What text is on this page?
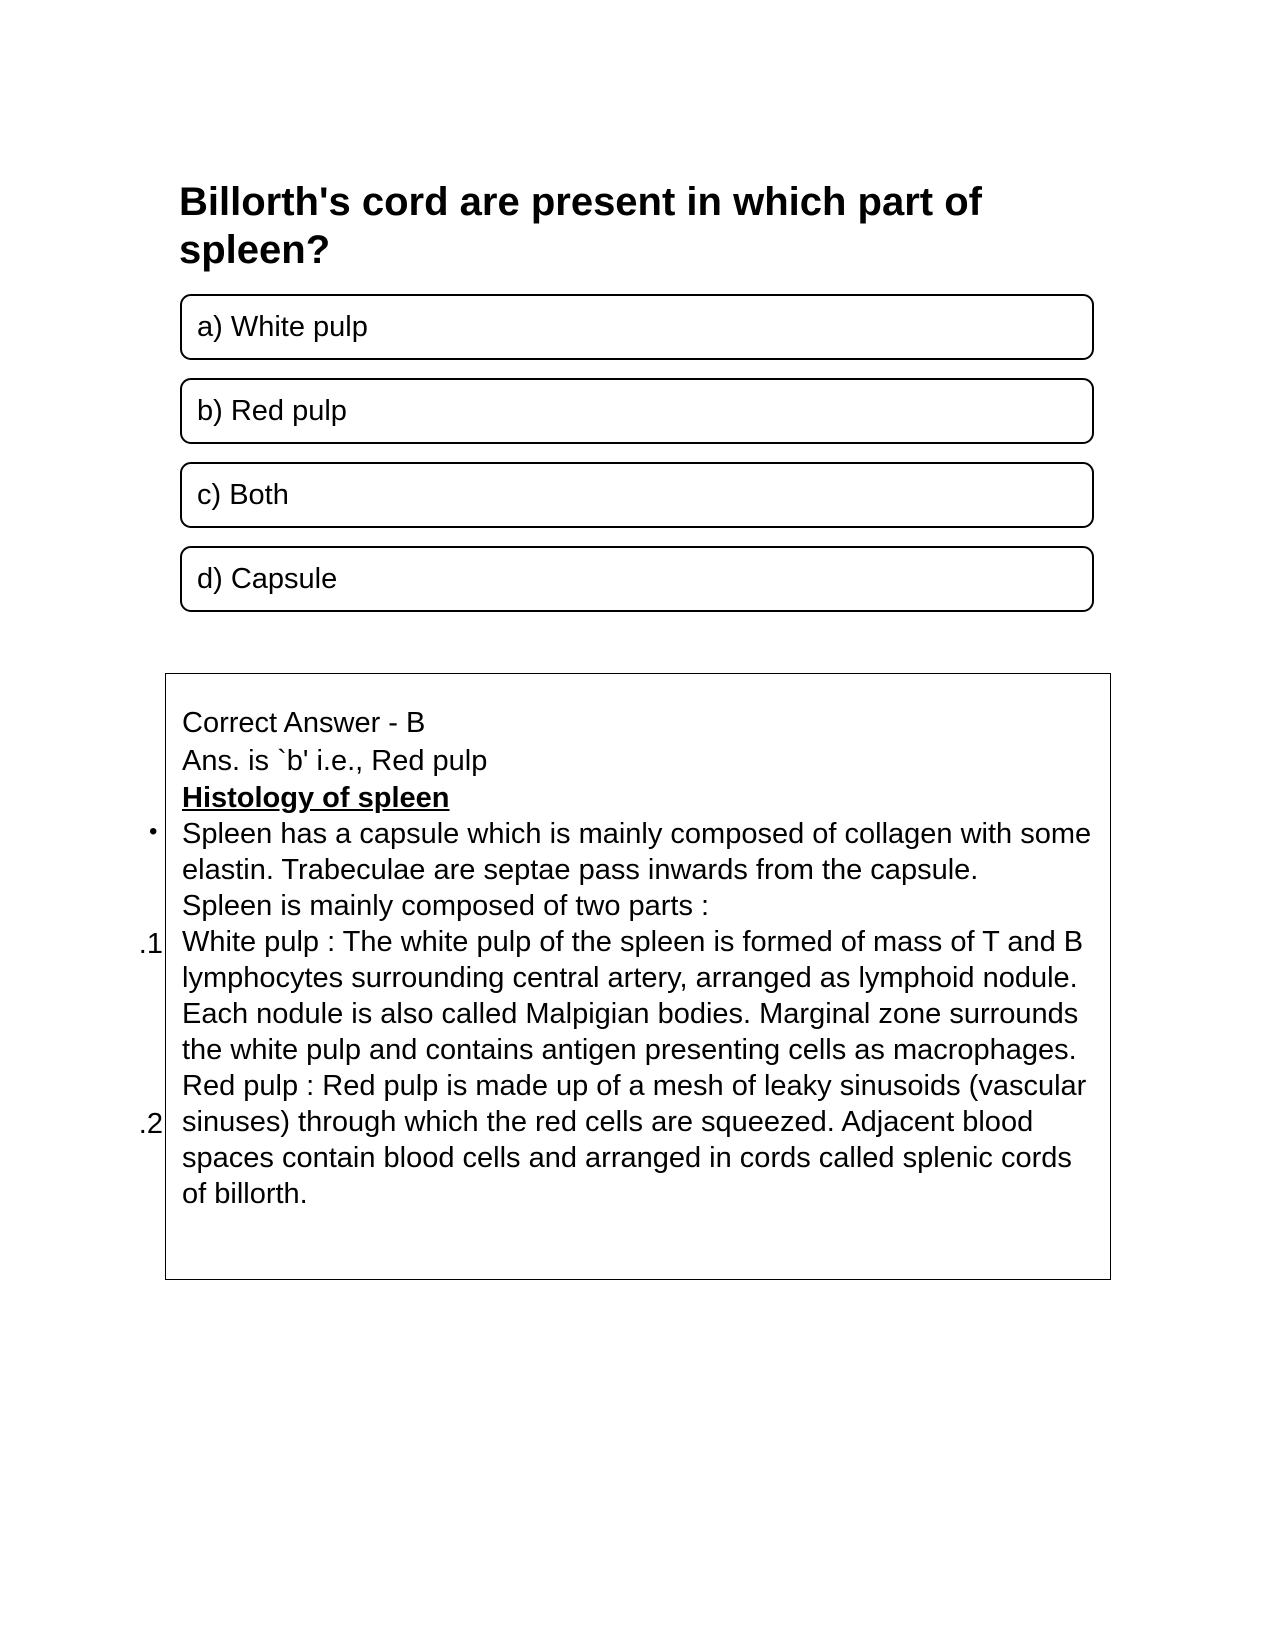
Billorth's cord are present in which part of spleen?
a) White pulp
b) Red pulp
c) Both
d) Capsule
•
1.
2.
Correct Answer - B
Ans. is `b' i.e., Red pulp
Histology of spleen

Spleen has a capsule which is mainly composed of collagen with some elastin. Trabeculae are septae pass inwards from the capsule.

Spleen is mainly composed of two parts :

White pulp : The white pulp of the spleen is formed of mass of T and B lymphocytes surrounding central artery, arranged as lymphoid nodule. Each nodule is also called Malpigian bodies. Marginal zone surrounds the white pulp and contains antigen presenting cells as macrophages.

Red pulp : Red pulp is made up of a mesh of leaky sinusoids (vascular sinuses) through which the red cells are squeezed. Adjacent blood spaces contain blood cells and arranged in cords called splenic cords of billorth.
